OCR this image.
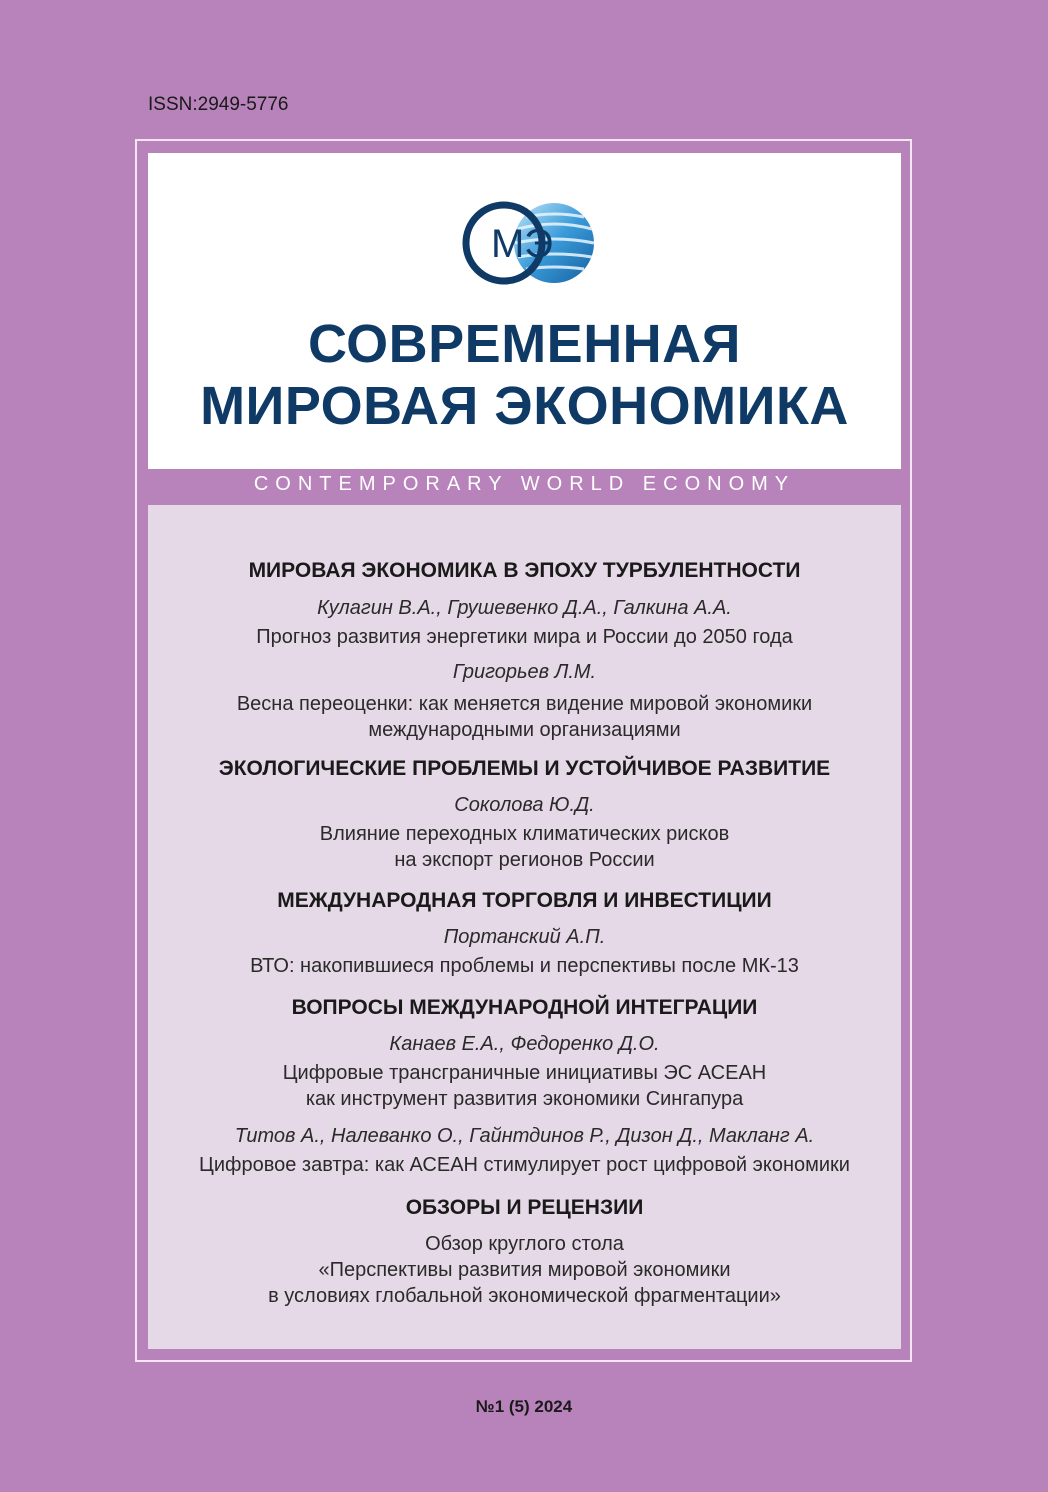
ISSN:2949-5776
МЭ
СОВРЕМЕННАЯ
МИРОВАЯ ЭКОНОМИКА
CONTEMPORARY WORLD ECONOMY
МИРОВАЯ ЭКОНОМИКА В ЭПОХУ ТУРБУЛЕНТНОСТИ
Кулагин В.А., Грушевенко Д.А., Галкина А.А.
Прогноз развития энергетики мира и России до 2050 года
Григорьев Л.М.
Весна переоценки: как меняется видение мировой экономики
международными организациями
ЭКОЛОГИЧЕСКИЕ ПРОБЛЕМЫ И УСТОЙЧИВОЕ РАЗВИТИЕ
Соколова Ю.Д.
Влияние переходных климатических рисков
на экспорт регионов России
МЕЖДУНАРОДНАЯ ТОРГОВЛЯ И ИНВЕСТИЦИИ
Портанский А.П.
ВТО: накопившиеся проблемы и перспективы после МК-13
ВОПРОСЫ МЕЖДУНАРОДНОЙ ИНТЕГРАЦИИ
Канаев Е.А., Федоренко Д.О.
Цифровые трансграничные инициативы ЭС АСЕАН
как инструмент развития экономики Сингапура
Титов А., Налеванко О., Гайнтдинов Р., Дизон Д., Макланг А.
Цифровое завтра: как АСЕАН стимулирует рост цифровой экономики
ОБЗОРЫ И РЕЦЕНЗИИ
Обзор круглого стола
«Перспективы развития мировой экономики
в условиях глобальной экономической фрагментации»
№1 (5) 2024
